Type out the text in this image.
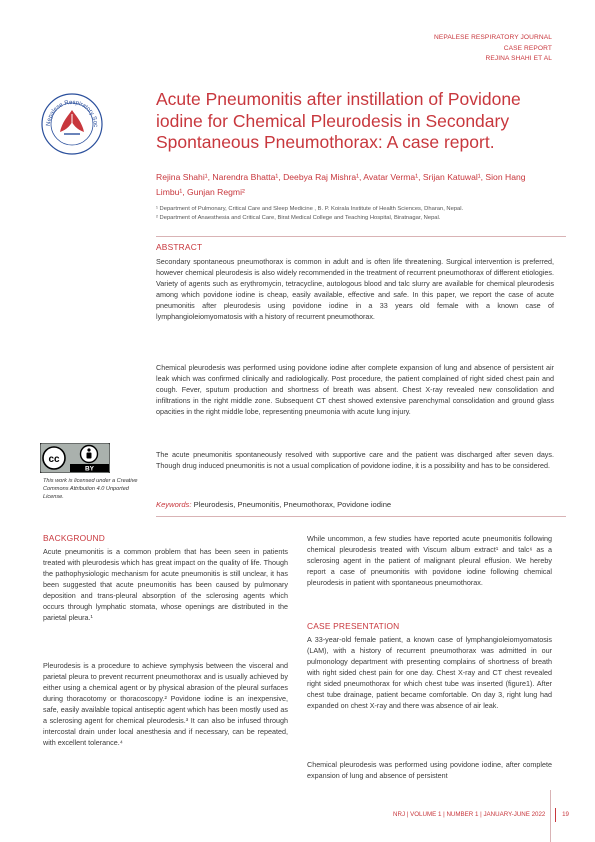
NEPALESE RESPIRATORY JOURNAL
CASE REPORT
REJINA SHAHI ET AL
Nepalese Respiratory Soc
Acute Pneumonitis after instillation of Povidone iodine for Chemical Pleurodesis in Secondary Spontaneous Pneumothorax: A case report.
Rejina Shahi¹, Narendra Bhatta¹, Deebya Raj Mishra¹, Avatar Verma¹, Srijan Katuwal¹, Sion Hang Limbu¹, Gunjan Regmi²
¹ Department of Pulmonary, Critical Care and Sleep Medicine , B. P. Koirala Institute of Health Sciences, Dharan, Nepal.
² Department of Anaesthesia and Critical Care, Birat Medical College and Teaching Hospital, Biratnagar, Nepal.
ABSTRACT

Secondary spontaneous pneumothorax is common in adult and is often life threatening. Surgical intervention is preferred, however chemical pleurodesis is also widely recommended in the treatment of recurrent pneumothorax of different etiologies. Variety of agents such as erythromycin, tetracycline, autologous blood and talc slurry are available for chemical pleurodesis among which povidone iodine is cheap, easily available, effective and safe. In this paper, we report the case of acute pneumonitis after pleurodesis using povidone iodine in a 33 years old female with a known case of lymphangioleiomyomatosis with a history of recurrent pneumothorax.

Chemical pleurodesis was performed using povidone iodine after complete expansion of lung and absence of persistent air leak which was confirmed clinically and radiologically. Post procedure, the patient complained of right sided chest pain and cough. Fever, sputum production and shortness of breath was absent. Chest X-ray revealed new consolidation and infiltrations in the right middle zone. Subsequent CT chest showed extensive parenchymal consolidation and ground glass opacities in the right middle lobe, representing pneumonia with acute lung injury.

The acute pneumonitis spontaneously resolved with supportive care and the patient was discharged after seven days. Though drug induced pneumonitis is not a usual complication of povidone iodine, it is a possibility and has to be considered.

cc
BY
This work is licensed under a Creative Commons Attribution 4.0 Unported License.
Keywords: Pleurodesis, Pneumonitis, Pneumothorax, Povidone iodine
BACKGROUND

Acute pneumonitis is a common problem that has been seen in patients treated with pleurodesis which has great impact on the quality of life. Though the pathophysiologic mechanism for acute pneumonitis is still unclear, it has been suggested that acute pneumonitis has been caused by pulmonary deposition and trans-pleural absorption of the sclerosing agents which occurs through lymphatic stomata, whose openings are distributed in the parietal pleura.¹

Pleurodesis is a procedure to achieve symphysis between the visceral and parietal pleura to prevent recurrent pneumothorax and is usually achieved by either using a chemical agent or by physical abrasion of the pleural surfaces during thoracotomy or thoracoscopy.² Povidone iodine is an inexpensive, safe, easily available topical antiseptic agent which has been mostly used as a sclerosing agent for chemical pleurodesis.³ It can also be infused through intercostal drain under local anesthesia and if necessary, can be repeated, with excellent tolerance.⁴

While uncommon, a few studies have reported acute pneumonitis following chemical pleurodesis treated with Viscum album extract¹ and talc⁶ as a sclerosing agent in the patient of malignant pleural effusion. We hereby report a case of pneumonitis with povidone iodine following chemical pleurodesis in patient with spontaneous pneumothorax.

CASE PRESENTATION

A 33-year-old female patient, a known case of lymphangioleiomyomatosis (LAM), with a history of recurrent pneumothorax was admitted in our pulmonology department with presenting complains of shortness of breath with right sided chest pain for one day. Chest X-ray and CT chest revealed right sided pneumothorax for which chest tube was inserted (figure1). After chest tube drainage, patient became comfortable. On day 3, right lung had expanded on chest X-ray and there was absence of air leak.

Chemical pleurodesis was performed using povidone iodine, after complete expansion of lung and absence of persistent

NRJ | VOLUME 1 | NUMBER 1 | JANUARY-JUNE 2022	19
